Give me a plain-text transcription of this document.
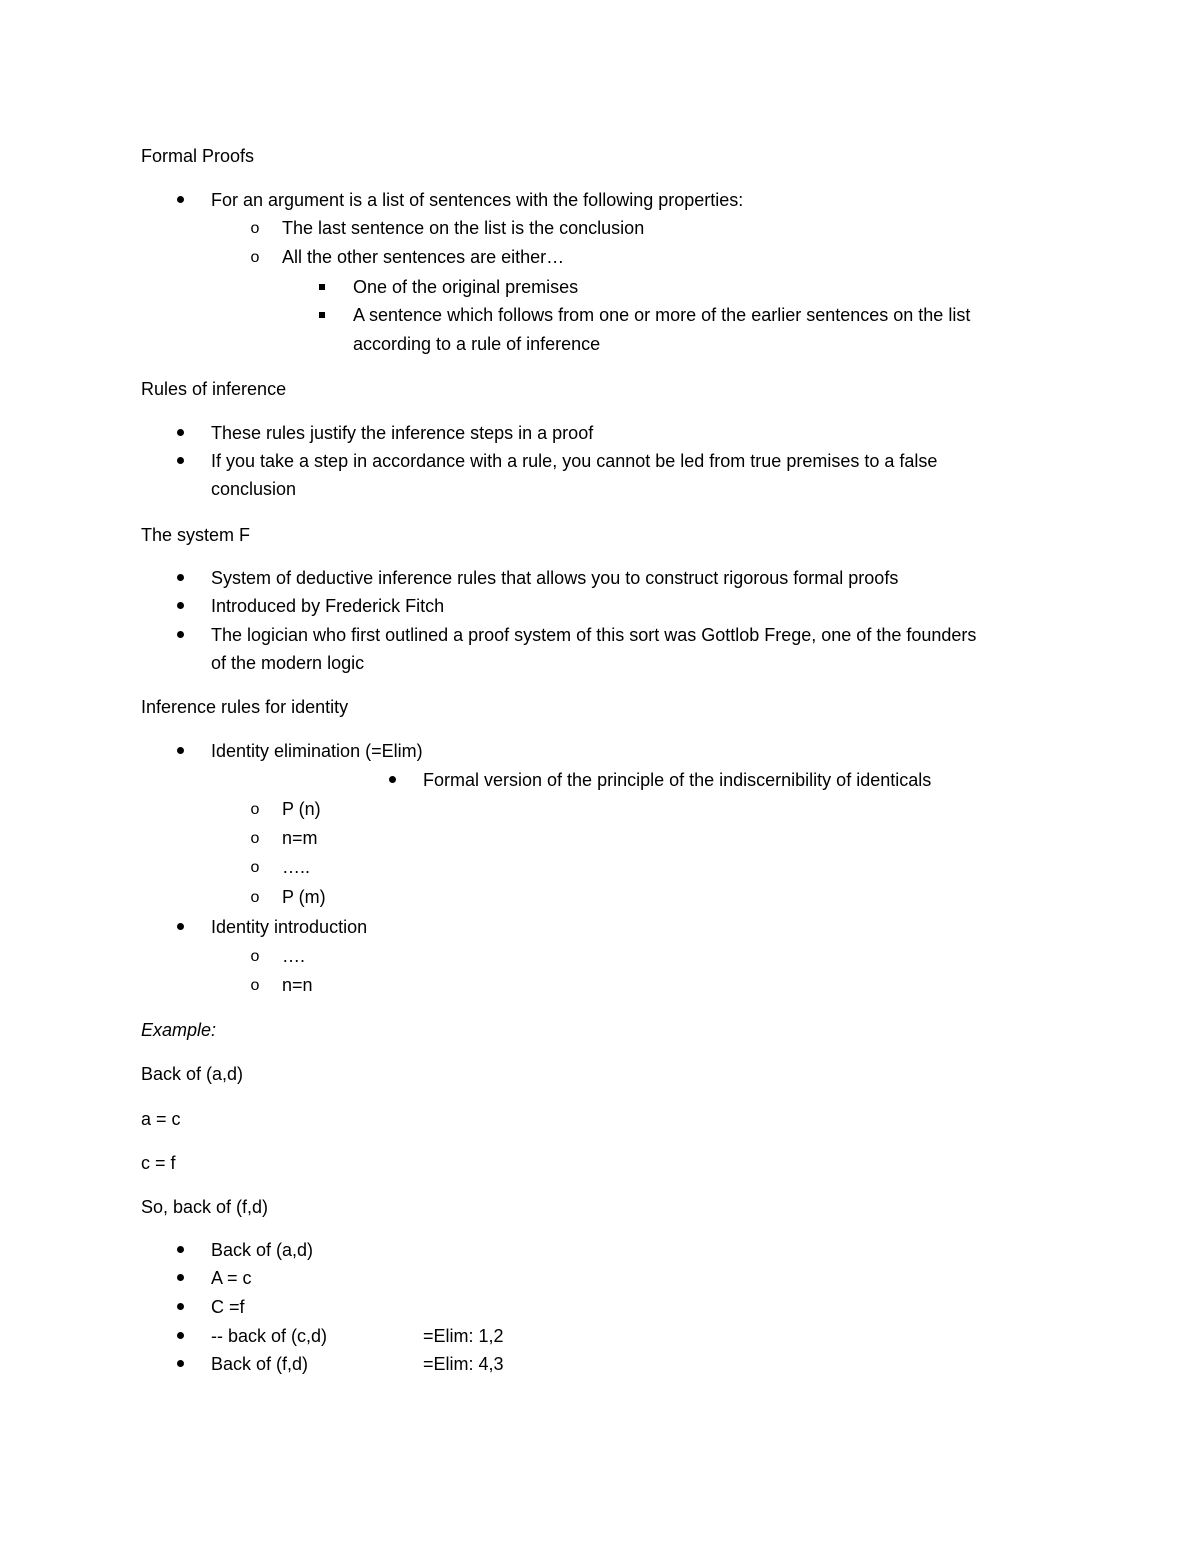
Formal Proofs
For an argument is a list of sentences with the following properties:
o	The last sentence on the list is the conclusion
o	All the other sentences are either…
One of the original premises
A sentence which follows from one or more of the earlier sentences on the list
according to a rule of inference
Rules of inference
These rules justify the inference steps in a proof
If you take a step in accordance with a rule, you cannot be led from true premises to a false
conclusion
The system F
System of deductive inference rules that allows you to construct rigorous formal proofs
Introduced by Frederick Fitch
The logician who first outlined a proof system of this sort was Gottlob Frege, one of the founders
of the modern logic
Inference rules for identity
Identity elimination (=Elim)
Formal version of the principle of the indiscernibility of identicals
o	P (n)
o	n=m
o	…..
o	P (m)
Identity introduction
o	….
o	n=n
Example:
Back of (a,d)
a = c
c = f
So, back of (f,d)
Back of (a,d)
A = c
C =f
-- back of (c,d)	=Elim: 1,2
Back of (f,d)	=Elim: 4,3
